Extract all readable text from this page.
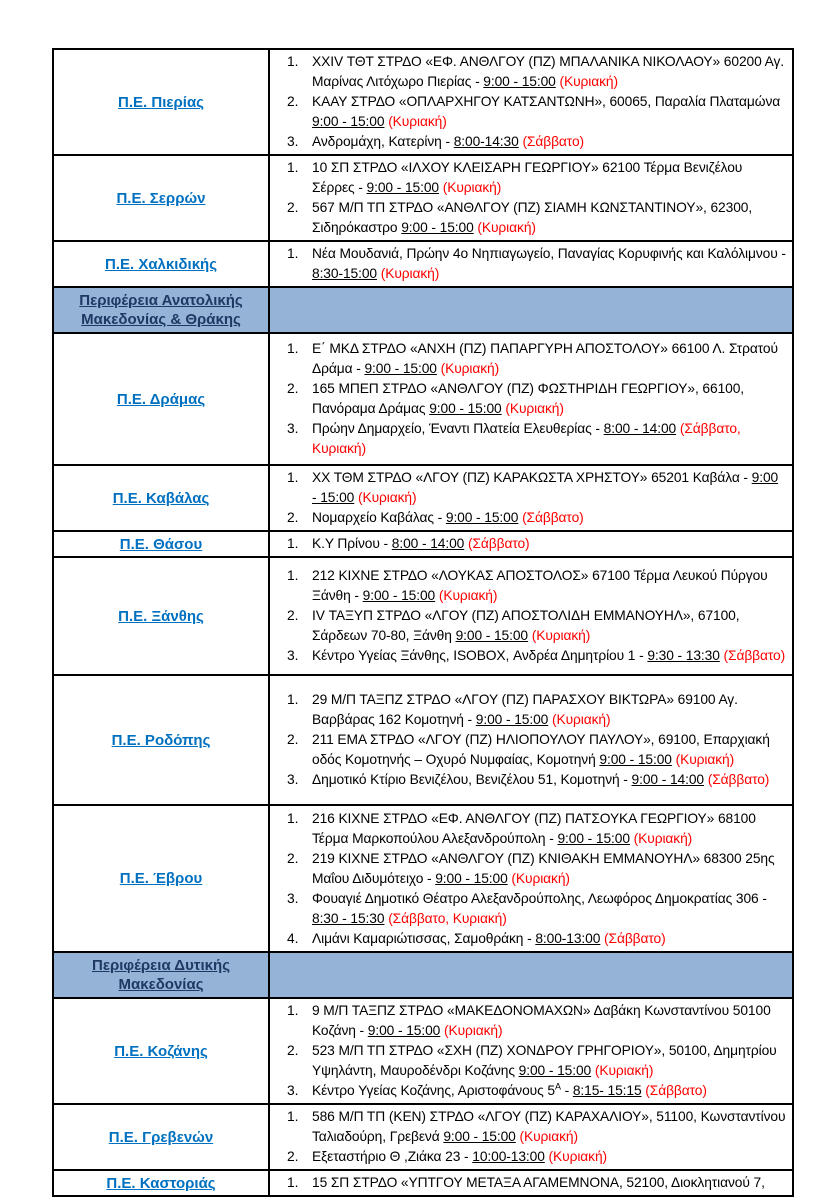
Π.Ε. Πιερίας	
1. XXIV ΤΘΤ ΣΤΡΔΟ «ΕΦ. ΑΝΘΛΓΟΥ (ΠΖ) ΜΠΑΛΑΝΙΚΑ ΝΙΚΟΛΑΟΥ» 60200 Αγ. Μαρίνας Λιτόχωρο Πιερίας - 9:00 - 15:00 (Κυριακή)
2. ΚΑΑΥ ΣΤΡΔΟ «ΟΠΛΑΡΧΗΓΟΥ ΚΑΤΣΑΝΤΩΝΗ», 60065, Παραλία Πλαταμώνα 9:00 - 15:00 (Κυριακή)
3. Ανδρομάχη, Κατερίνη - 8:00-14:30 (Σάββατο)

Π.Ε. Σερρών	
1. 10 ΣΠ ΣΤΡΔΟ «ΙΛΧΟΥ ΚΛΕΙΣΑΡΗ ΓΕΩΡΓΙΟΥ» 62100 Τέρμα Βενιζέλου Σέρρες - 9:00 - 15:00 (Κυριακή)
2. 567 Μ/Π ΤΠ ΣΤΡΔΟ «ΑΝΘΛΓΟΥ (ΠΖ) ΣΙΑΜΗ ΚΩΝΣΤΑΝΤΙΝΟΥ», 62300, Σιδηρόκαστρο 9:00 - 15:00 (Κυριακή)

Π.Ε. Χαλκιδικής	
1. Νέα Μουδανιά, Πρώην 4ο Νηπιαγωγείο, Παναγίας Κορυφινής και Καλόλιμνου - 8:30-15:00 (Κυριακή)

Περιφέρεια Ανατολικής Μακεδονίας & Θράκης	

Π.Ε. Δράμας	
1. Ε΄ ΜΚΔ ΣΤΡΔΟ «ΑΝΧΗ (ΠΖ) ΠΑΠΑΡΓΥΡΗ ΑΠΟΣΤΟΛΟΥ» 66100 Λ. Στρατού Δράμα - 9:00 - 15:00 (Κυριακή)
2. 165 ΜΠΕΠ ΣΤΡΔΟ «ΑΝΘΛΓΟΥ (ΠΖ) ΦΩΣΤΗΡΙΔΗ ΓΕΩΡΓΙΟΥ», 66100, Πανόραμα Δράμας 9:00 - 15:00 (Κυριακή)
3. Πρώην Δημαρχείο, Έναντι Πλατεία Ελευθερίας - 8:00 - 14:00 (Σάββατο, Κυριακή)

Π.Ε. Καβάλας	
1. ΧΧ ΤΘΜ ΣΤΡΔΟ «ΛΓΟΥ (ΠΖ) ΚΑΡΑΚΩΣΤΑ ΧΡΗΣΤΟΥ» 65201 Καβάλα - 9:00 - 15:00 (Κυριακή)
2. Νομαρχείο Καβάλας - 9:00 - 15:00 (Σάββατο)

Π.Ε. Θάσου	1. Κ.Υ Πρίνου - 8:00 - 14:00 (Σάββατο)

Π.Ε. Ξάνθης	
1. 212 ΚΙΧΝΕ ΣΤΡΔΟ «ΛΟΥΚΑΣ ΑΠΟΣΤΟΛΟΣ» 67100 Τέρμα Λευκού Πύργου Ξάνθη - 9:00 - 15:00 (Κυριακή)
2. IV ΤΑΞΥΠ ΣΤΡΔΟ «ΛΓΟΥ (ΠΖ) ΑΠΟΣΤΟΛΙΔΗ ΕΜΜΑΝΟΥΗΛ», 67100, Σάρδεων 70-80, Ξάνθη 9:00 - 15:00 (Κυριακή)
3. Κέντρο Υγείας Ξάνθης, ISOBOX, Ανδρέα Δημητρίου 1 - 9:30 - 13:30 (Σάββατο)

Π.Ε. Ροδόπης	
1. 29 Μ/Π ΤΑΞΠΖ ΣΤΡΔΟ «ΛΓΟΥ (ΠΖ) ΠΑΡΑΣΧΟΥ ΒΙΚΤΩΡΑ» 69100 Αγ. Βαρβάρας 162 Κομοτηνή - 9:00 - 15:00 (Κυριακή)
2. 211 ΕΜΑ ΣΤΡΔΟ «ΛΓΟΥ (ΠΖ) ΗΛΙΟΠΟΥΛΟΥ ΠΑΥΛΟΥ», 69100, Επαρχιακή οδός Κομοτηνής – Οχυρό Νυμφαίας, Κομοτηνή 9:00 - 15:00 (Κυριακή)
3. Δημοτικό Κτίριο Βενιζέλου, Βενιζέλου 51, Κομοτηνή - 9:00 - 14:00 (Σάββατο)

Π.Ε. Έβρου	
1. 216 ΚΙΧΝΕ ΣΤΡΔΟ «ΕΦ. ΑΝΘΛΓΟΥ (ΠΖ) ΠΑΤΣΟΥΚΑ ΓΕΩΡΓΙΟΥ» 68100 Τέρμα Μαρκοπούλου Αλεξανδρούπολη - 9:00 - 15:00 (Κυριακή)
2. 219 ΚΙΧΝΕ ΣΤΡΔΟ «ΑΝΘΛΓΟΥ (ΠΖ) ΚΝΙΘΑΚΗ ΕΜΜΑΝΟΥΗΛ» 68300 25ης Μαΐου Διδυμότειχο - 9:00 - 15:00 (Κυριακή)
3. Φουαγιέ Δημοτικό Θέατρο Αλεξανδρούπολης, Λεωφόρος Δημοκρατίας 306 - 8:30 - 15:30 (Σάββατο, Κυριακή)
4. Λιμάνι Καμαριώτισσας, Σαμοθράκη - 8:00-13:00 (Σάββατο)

Περιφέρεια Δυτικής Μακεδονίας	

Π.Ε. Κοζάνης	
1. 9 Μ/Π ΤΑΞΠΖ ΣΤΡΔΟ «ΜΑΚΕΔΟΝΟΜΑΧΩΝ» Δαβάκη Κωνσταντίνου 50100 Κοζάνη - 9:00 - 15:00 (Κυριακή)
2. 523 Μ/Π ΤΠ ΣΤΡΔΟ «ΣΧΗ (ΠΖ) ΧΟΝΔΡΟΥ ΓΡΗΓΟΡΙΟΥ», 50100, Δημητρίου Υψηλάντη, Μαυροδένδρι Κοζάνης 9:00 - 15:00 (Κυριακή)
3. Κέντρο Υγείας Κοζάνης, Αριστοφάνους $5^A$ - 8:15- 15:15 (Σάββατο)

Π.Ε. Γρεβενών	
1. 586 Μ/Π ΤΠ (ΚΕΝ) ΣΤΡΔΟ «ΛΓΟΥ (ΠΖ) ΚΑΡΑΧΑΛΙΟΥ», 51100, Κωνσταντίνου Ταλιαδούρη, Γρεβενά 9:00 - 15:00 (Κυριακή)
2. Εξεταστήριο Θ ,Ζιάκα 23 - 10:00-13:00 (Κυριακή)

Π.Ε. Καστοριάς	1. 15 ΣΠ ΣΤΡΔΟ «ΥΠΤΓΟΥ ΜΕΤΑΞΑ ΑΓΑΜΕΜΝΟΝΑ, 52100, Διοκλητιανού 7,
